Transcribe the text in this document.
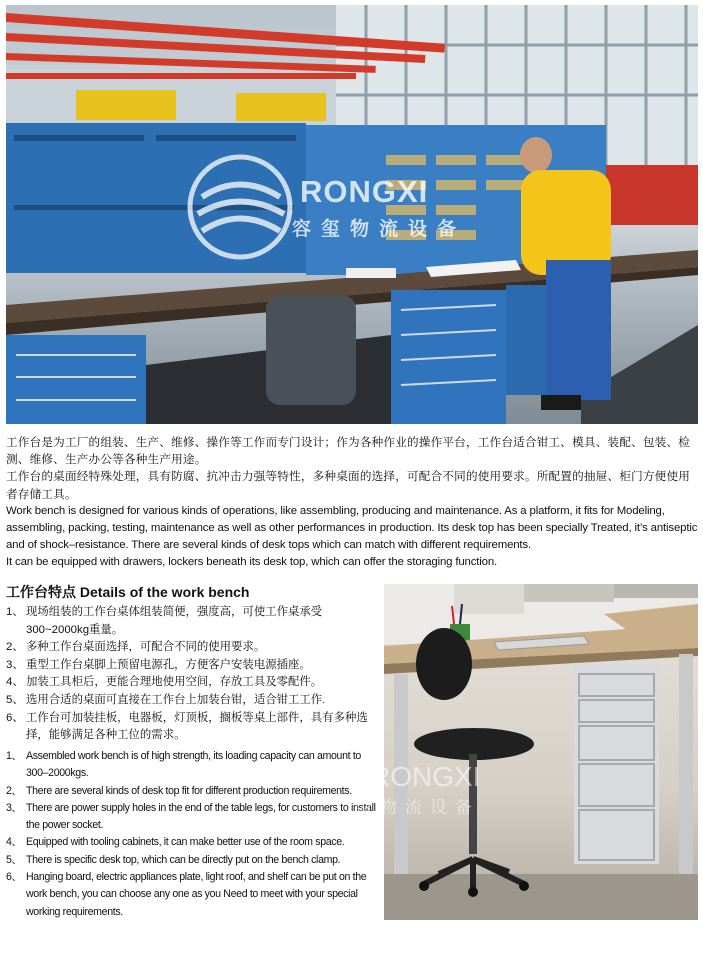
RONGXI
容玺物流设备

工作台是为工厂的组装、生产、维修、操作等工作而专门设计；作为各种作业的操作平台，工作台适合钳工、模具、装配、包装、检测、维修、生产办公等各种生产用途。

工作台的桌面经特殊处理，具有防腐、抗冲击力强等特性，多种桌面的选择，可配合不同的使用要求。所配置的抽屉、柜门方便使用者存储工具。

Work bench is designed for various kinds of operations, like assembling, producing and maintenance. As a platform, it fits for Modeling, assembling, packing, testing, maintenance as well as other performances in production. Its desk top has been specially Treated, it’s antiseptic and of shock–resistance. There are several kinds of desk tops which can match with different requirements.

It can be equipped with drawers, lockers beneath its desk top, which can offer the storaging function.

工作台特点 Details of the work bench
1、 现场组装的工作台桌体组装简便，强度高，可使工作桌承受300~2000kg重量。
2、 多种工作台桌面选择，可配合不同的使用要求。
3、 重型工作台桌脚上预留电源孔，方便客户安装电源插座。
4、 加装工具柜后，更能合理地使用空间，存放工具及零配件。
5、 选用合适的桌面可直接在工作台上加装台钳，适合钳工工作.
6、 工作台可加装挂板，电器板，灯顶板，搁板等桌上部件，具有多种选择，能够满足各种工位的需求。
1、 Assembled work bench is of high strength, its loading capacity can amount to 300–2000kgs.
2、 There are several kinds of desk top fit for different production requirements.
3、 There are power supply holes in the end of the table legs, for customers to install the power socket.
4、 Equipped with tooling cabinets, it can make better use of the room space.
5、 There is specific desk top, which can be directly put on the bench clamp.
6、 Hanging board, electric appliances plate, light roof, and shelf can be put on the work bench, you can choose any one as you Need to meet with your special working requirements.
RONGXI
玺物流设备
